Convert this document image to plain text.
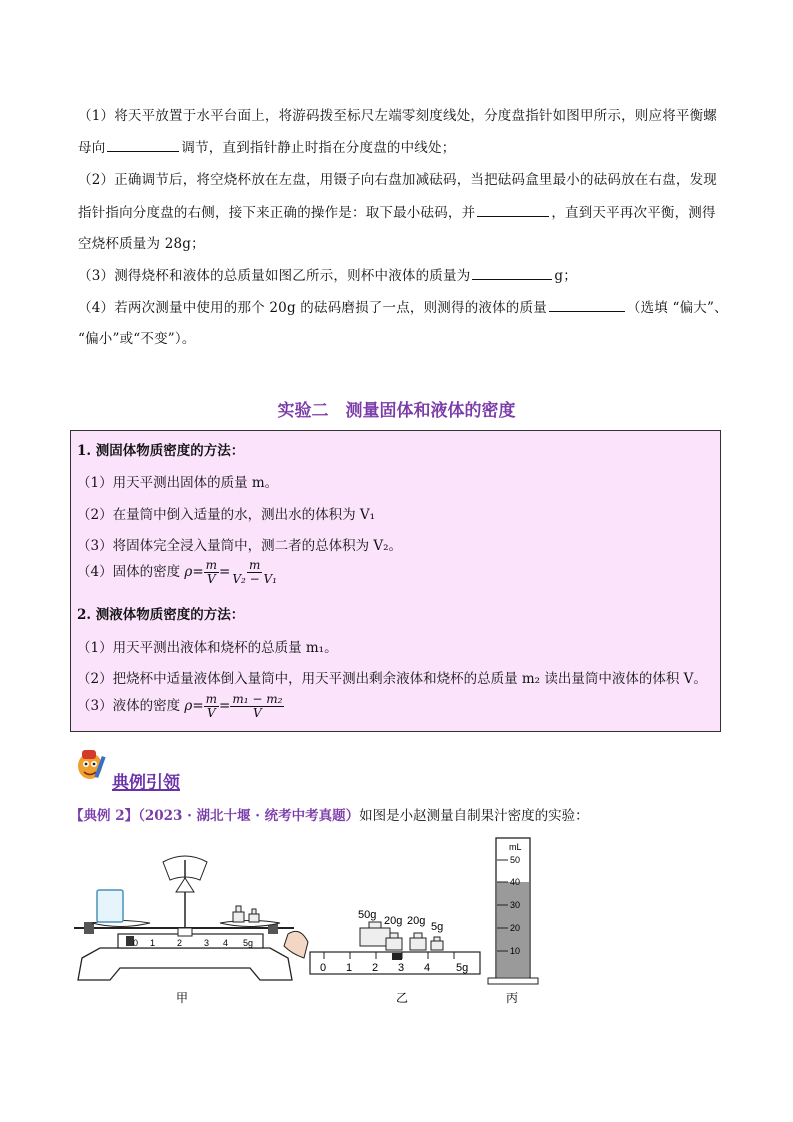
（1）将天平放置于水平台面上，将游码拨至标尺左端零刻度线处，分度盘指针如图甲所示，则应将平衡螺
母向	调节，直到指针静止时指在分度盘的中线处；
（2）正确调节后，将空烧杯放在左盘，用镊子向右盘加减砝码，当把砝码盒里最小的砝码放在右盘，发现
指针指向分度盘的右侧，接下来正确的操作是：取下最小砝码，并	，直到天平再次平衡，测得
空烧杯质量为 28g；
（3）测得烧杯和液体的总质量如图乙所示，则杯中液体的质量为	g；
（4）若两次测量中使用的那个 20g 的砝码磨损了一点，则测得的液体的质量	（选填 “偏大”、
“偏小”或“不变”）。
实验二　测量固体和液体的密度
1. 测固体物质密度的方法：
（1）用天平测出固体的质量 m。
（2）在量筒中倒入适量的水，测出水的体积为 V₁
（3）将固体完全浸入量筒中，测二者的总体积为 V₂。
（4）固体的密度 $\rho= \frac{m}{V} = \frac{m}{\text{V₂ − V₁}}$
2. 测液体物质密度的方法：
（1）用天平测出液体和烧杯的总质量 m₁。
（2）把烧杯中适量液体倒入量筒中，用天平测出剩余液体和烧杯的总质量 m₂ 读出量筒中液体的体积 V。
（3）液体的密度 $\rho= \frac{m}{V} = \frac{\text{m₁ − m₂}}{V}$
典例引领
【典例 2】（2023 · 湖北十堰 · 统考中考真题）如图是小赵测量自制果汁密度的实验：
0 1 2 3 4 5g
甲
50g 20g 20g 5g
0 1 2 3 4 5g
乙
mL
50
40
30
20
10
丙
